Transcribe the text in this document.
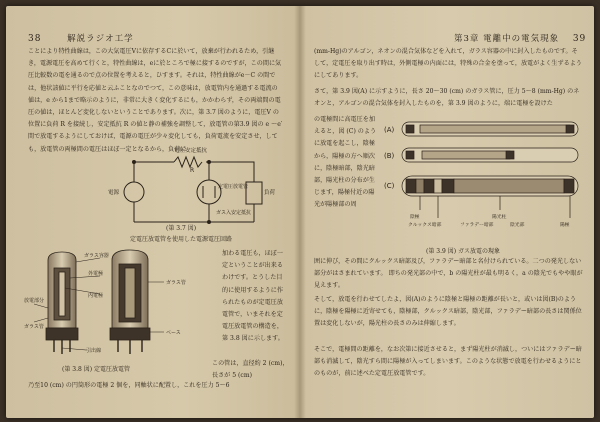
38	解説ラジオ工学
ことにより特性曲線は，この大気電圧Vに依存するCに於いて，放棄が行われるため，引継き，電源電圧を高めて行くと，特性曲線は，eに於ところで極に接するのですが，この間に気圧比較数の電を通るので点の位置を考えると，ひすます。それは，特性曲線がe－C の間では，他状該値に平行を応値と云ふことなのでつて，この意味は，放電管内を通過する電流の値は，e から1まで略示のように，非常に大きく変化するにも，かかわらず，その両端間の電圧の値は，ほとんど変化しないということであります。次に，第 3.7 図のように，電圧V の位置に負荷 R を接続し，安定抵抗 R の値と静の補強を調整して，放電管の第3.9 図の e ～e′ 間で放電するようにしておけば，電源の電圧が少々変化しても，負荷電流を安定させ，しても，放電管の両極間の電圧はほぼ一定となるから，負荷に
電圧安定抵抗
R
電源
定電圧放電管
ガス入安定抵抗
負荷
(第 3.7 図)
定電圧放電管を使用した電源電圧回路
ガラス容器
外電極
内電極
ガラス管
ベース
引出線
放電部分
ガラス管
加わる電圧も，ほぼ一定ということが出来るわけです。とうした目的に使用するように作られたものが定電圧放電管で，いまそれを定電圧放電管の構造を，第 3.8 図に示します。
(第 3.8 図) 定電圧放電管
この管は，直径約 2 (cm)，長さが 5 (cm)
乃至10 (cm) の円筒形の電極 2 個を，同軸状に配置し，これを圧力 5～6
第3章 電離中の電気現象 39
(mm-Hg)のアルゴン，ネオンの混合気体などを入れて，ガラス容器の中に封入したものです。そして，定電圧を取り出す時は，外側電極の内面には，特殊の合金を塗って，放電がよく生ずるようにしてあります。
さて，第 3.9 図(A) に示すように，長さ 20～30 (cm) のガラス管に，圧力 5～8 (mm-Hg) のネオンと，アルゴンの混合気体を封入したものを，第 3.9 図のように，端に電極を設けた
の電極間に高電圧を加えると，図 (C) のように放電を起こし，陰極から，陽極の方へ順次に，陰極暗部，陰光暗部，陽光柱の分布が生じます，陽極付近の陽光が陽極部の周
(A)
(B)
(C)
陰極
陽極
陽光柱
クルックス暗部	ファラデー暗部	陰光部
(第 3.9 図) ガス放電の現象
囲に伸び，その間にクルックス暗部及び，ファラデー暗部と名付けられている。二つの発光しない部分がはさまれています。 即ちの発光部の中で，b の陽光柱が最も明るく，a の陰光でもやや眼が見えます。
そして，放電を行わせてしたよ，図(A)のように陰極と陽極の距離が長いと，或いは図(B)のように，陰極を陽極に近寄せても，陰極部，クルックス暗部，陰光部，ファラデー暗部の長さは関係位置は変化しないが，陽光柱の長さのみは伸縮します。
そこで，電極間の距離を，なお次第に接近させると，まず陽光柱が消滅し，ついにはファラデー暗部も消滅して，陰光すら間に陽極が入ってしまいます。このような状態で放電を行わせるようにとのものが，前に述べた定電圧放電管です。
